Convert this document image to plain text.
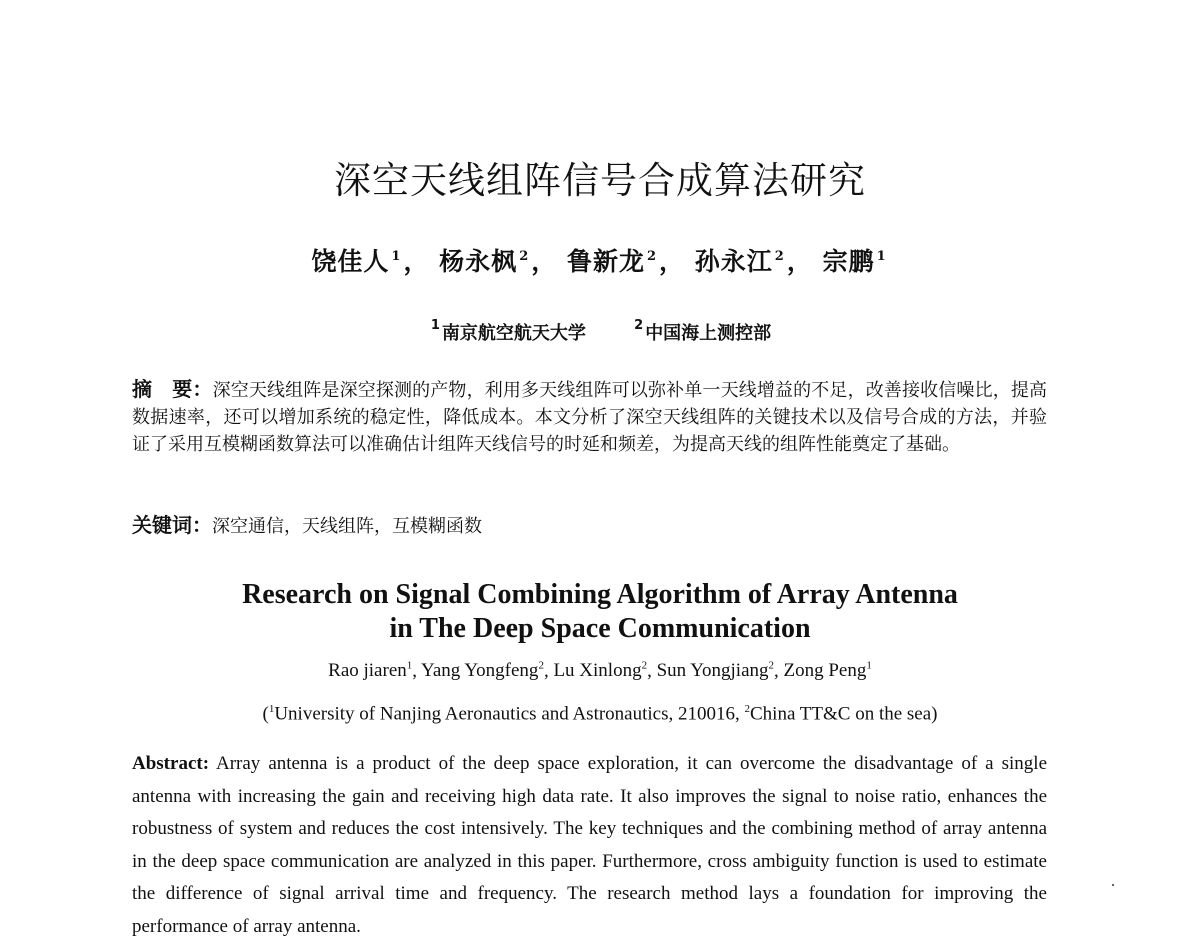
深空天线组阵信号合成算法研究
饶佳人 $^1$， 杨永枫 $^2$， 鲁新龙 $^2$， 孙永江 $^2$， 宗鹏 $^1$
$^1$ 南京航空航天大学	$^2$ 中国海上测控部
摘　要：深空天线组阵是深空探测的产物，利用多天线组阵可以弥补单一天线增益的不足，改善接收信噪比，提高数据速率，还可以增加系统的稳定性，降低成本。本文分析了深空天线组阵的关键技术以及信号合成的方法，并验证了采用互模糊函数算法可以准确估计组阵天线信号的时延和频差，为提高天线的组阵性能奠定了基础。
关键词：深空通信，天线组阵，互模糊函数
Research on Signal Combining Algorithm of Array Antenna
in The Deep Space Communication
Rao jiaren$^1$, Yang Yongfeng$^2$, Lu Xinlong$^2$, Sun Yongjiang$^2$, Zong Peng$^1$
($^1$University of Nanjing Aeronautics and Astronautics, 210016, $^2$China TT&C on the sea)
Abstract: Array antenna is a product of the deep space exploration, it can overcome the disadvantage of a single antenna with increasing the gain and receiving high data rate. It also improves the signal to noise ratio, enhances the robustness of system and reduces the cost intensively. The key techniques and the combining method of array antenna in the deep space communication are analyzed in this paper. Furthermore, cross ambiguity function is used to estimate the difference of signal arrival time and frequency. The research method lays a foundation for improving the performance of array antenna.
